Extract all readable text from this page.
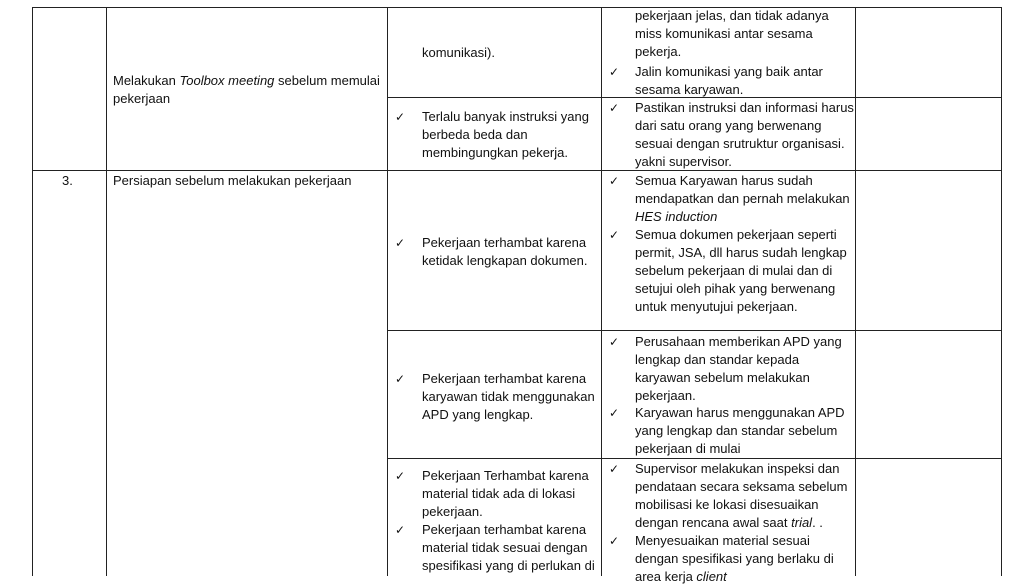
Melakukan Toolbox meeting sebelum memulai
pekerjaan
komunikasi).
pekerjaan jelas, dan tidak adanya
miss komunikasi antar sesama
pekerja.
✓ Jalin komunikasi yang baik antar
sesama karyawan.
✓ Terlalu banyak instruksi yang
berbeda beda dan
membingungkan pekerja.
✓ Pastikan instruksi dan informasi harus
dari satu orang yang berwenang
sesuai dengan srutruktur organisasi.
yakni supervisor.
3.	Persiapan sebelum melakukan pekerjaan
✓ Pekerjaan terhambat karena
ketidak lengkapan dokumen.
✓ Semua Karyawan harus sudah
mendapatkan dan pernah melakukan
HES induction
✓ Semua dokumen pekerjaan seperti
permit, JSA, dll harus sudah lengkap
sebelum pekerjaan di mulai dan di
setujui oleh pihak yang berwenang
untuk menyutujui pekerjaan.
✓ Pekerjaan terhambat karena
karyawan tidak menggunakan
APD yang lengkap.
✓ Perusahaan memberikan APD yang
lengkap dan standar kepada
karyawan sebelum melakukan
pekerjaan.
✓ Karyawan harus menggunakan APD
yang lengkap dan standar sebelum
pekerjaan di mulai
✓ Pekerjaan Terhambat karena
material tidak ada di lokasi
pekerjaan.
✓ Pekerjaan terhambat karena
material tidak sesuai dengan
spesifikasi yang di perlukan di
✓ Supervisor melakukan inspeksi dan
pendataan secara seksama sebelum
mobilisasi ke lokasi disesuaikan
dengan rencana awal saat trial. .
✓ Menyesuaikan material sesuai
dengan spesifikasi yang berlaku di
area kerja client
